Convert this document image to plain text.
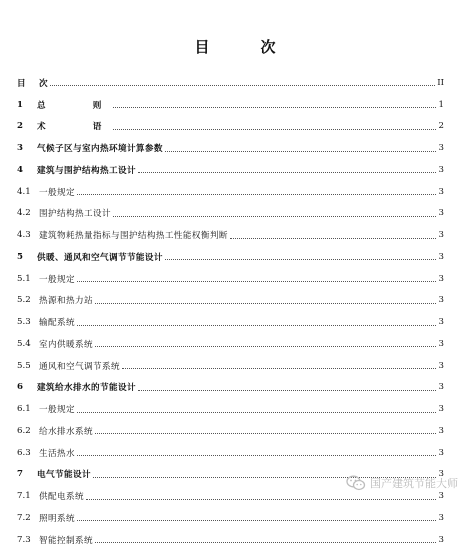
目　次
目	次	II
1	总　　则	1
2	术　　语	2
3	气候子区与室内热环境计算参数	3
4	建筑与围护结构热工设计	3
4.1 一般规定	3
4.2 围护结构热工设计	3
4.3 建筑物耗热量指标与围护结构热工性能权衡判断	3
5	供暖、通风和空气调节节能设计	3
5.1 一般规定	3
5.2 热源和热力站	3
5.3 输配系统	3
5.4 室内供暖系统	3
5.5 通风和空气调节系统	3
6	建筑给水排水的节能设计	3
6.1 一般规定	3
6.2 给水排水系统	3
6.3 生活热水	3
7	电气节能设计	3
7.1 供配电系统	3
7.2 照明系统	3
7.3 智能控制系统	3
国产建筑节能大师
